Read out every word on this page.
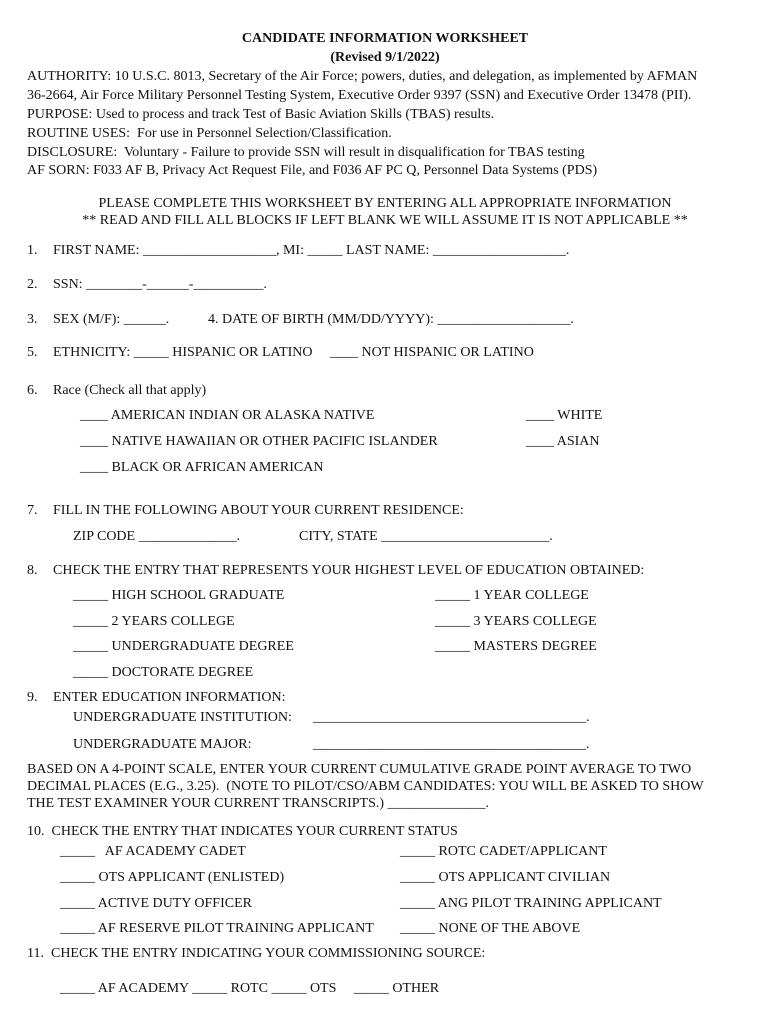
CANDIDATE INFORMATION WORKSHEET
(Revised 9/1/2022)
AUTHORITY: 10 U.S.C. 8013, Secretary of the Air Force; powers, duties, and delegation, as implemented by AFMAN
36-2664, Air Force Military Personnel Testing System, Executive Order 9397 (SSN) and Executive Order 13478 (PII).
PURPOSE: Used to process and track Test of Basic Aviation Skills (TBAS) results.
ROUTINE USES:  For use in Personnel Selection/Classification.
DISCLOSURE:  Voluntary - Failure to provide SSN will result in disqualification for TBAS testing
AF SORN: F033 AF B, Privacy Act Request File, and F036 AF PC Q, Personnel Data Systems (PDS)
PLEASE COMPLETE THIS WORKSHEET BY ENTERING ALL APPROPRIATE INFORMATION
** READ AND FILL ALL BLOCKS IF LEFT BLANK WE WILL ASSUME IT IS NOT APPLICABLE **
1. FIRST NAME: ___________________, MI: _____ LAST NAME: ___________________.
2. SSN: ________-______-__________.
3. SEX (M/F): ______.	4. DATE OF BIRTH (MM/DD/YYYY): ___________________.
5. ETHNICITY: _____ HISPANIC OR LATINO     ____ NOT HISPANIC OR LATINO
6. Race (Check all that apply)
____ AMERICAN INDIAN OR ALASKA NATIVE	____ WHITE
____ NATIVE HAWAIIAN OR OTHER PACIFIC ISLANDER	____ ASIAN
____ BLACK OR AFRICAN AMERICAN
7. FILL IN THE FOLLOWING ABOUT YOUR CURRENT RESIDENCE:
ZIP CODE ______________.	CITY, STATE ________________________.
8. CHECK THE ENTRY THAT REPRESENTS YOUR HIGHEST LEVEL OF EDUCATION OBTAINED:
_____ HIGH SCHOOL GRADUATE	_____ 1 YEAR COLLEGE
_____ 2 YEARS COLLEGE	_____ 3 YEARS COLLEGE
_____ UNDERGRADUATE DEGREE	_____ MASTERS DEGREE
_____ DOCTORATE DEGREE
9. ENTER EDUCATION INFORMATION:
UNDERGRADUATE INSTITUTION: _______________________________________.
UNDERGRADUATE MAJOR:	_______________________________________.
BASED ON A 4-POINT SCALE, ENTER YOUR CURRENT CUMULATIVE GRADE POINT AVERAGE TO TWO
DECIMAL PLACES (E.G., 3.25).  (NOTE TO PILOT/CSO/ABM CANDIDATES: YOU WILL BE ASKED TO SHOW
THE TEST EXAMINER YOUR CURRENT TRANSCRIPTS.) ______________.
10.  CHECK THE ENTRY THAT INDICATES YOUR CURRENT STATUS
_____   AF ACADEMY CADET	_____ ROTC CADET/APPLICANT
_____ OTS APPLICANT (ENLISTED)	_____ OTS APPLICANT CIVILIAN
_____ ACTIVE DUTY OFFICER	_____ ANG PILOT TRAINING APPLICANT
_____ AF RESERVE PILOT TRAINING APPLICANT _____ NONE OF THE ABOVE
11.  CHECK THE ENTRY INDICATING YOUR COMMISSIONING SOURCE:
_____ AF ACADEMY _____ ROTC _____ OTS     _____ OTHER
